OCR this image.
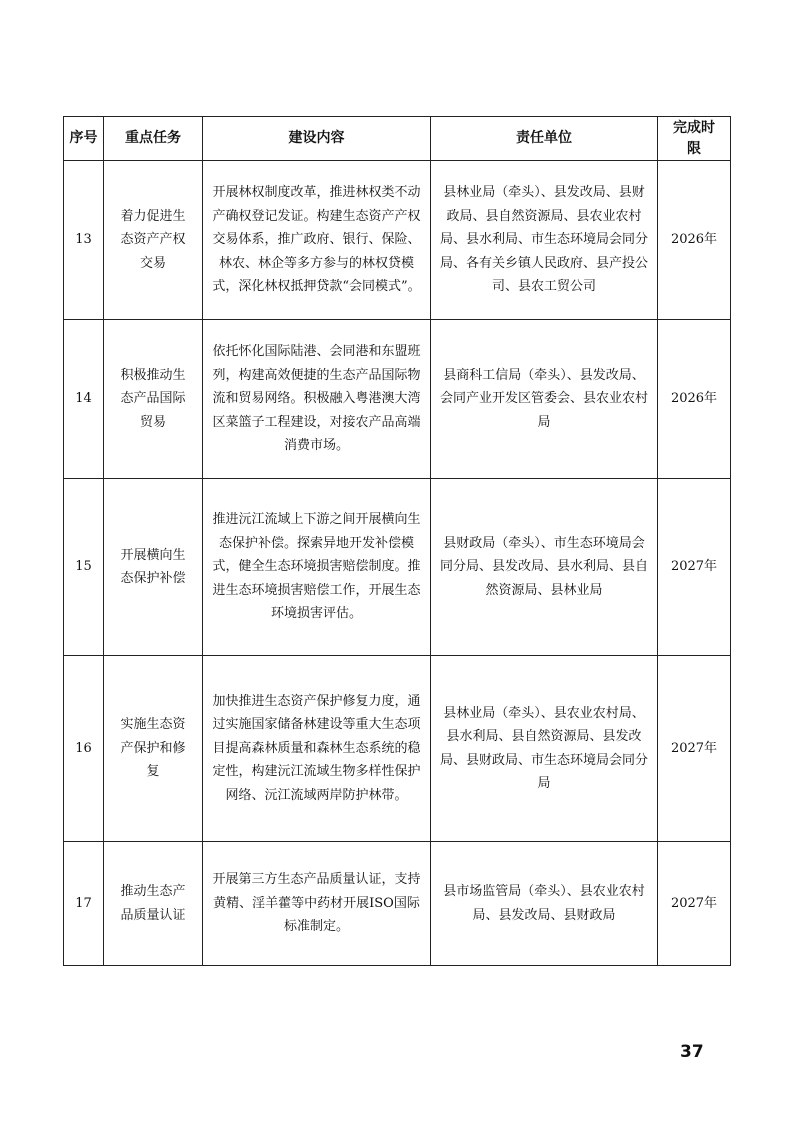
序号	重点任务	建设内容	责任单位	完成时限

13	着力促进生态资产产权交易	开展林权制度改革，推进林权类不动产确权登记发证。构建生态资产产权交易体系，推广政府、银行、保险、林农、林企等多方参与的林权贷模式，深化林权抵押贷款“会同模式”。	县林业局（牵头）、县发改局、县财政局、县自然资源局、县农业农村局、县水利局、市生态环境局会同分局、各有关乡镇人民政府、县产投公司、县农工贸公司	2026年
14	积极推动生态产品国际贸易	依托怀化国际陆港、会同港和东盟班列，构建高效便捷的生态产品国际物流和贸易网络。积极融入粤港澳大湾区菜篮子工程建设，对接农产品高端消费市场。	县商科工信局（牵头）、县发改局、会同产业开发区管委会、县农业农村局	2026年
15	开展横向生态保护补偿	推进沅江流域上下游之间开展横向生态保护补偿。探索异地开发补偿模式，健全生态环境损害赔偿制度。推进生态环境损害赔偿工作，开展生态环境损害评估。	县财政局（牵头）、市生态环境局会同分局、县发改局、县水利局、县自然资源局、县林业局	2027年
16	实施生态资产保护和修复	加快推进生态资产保护修复力度，通过实施国家储备林建设等重大生态项目提高森林质量和森林生态系统的稳定性，构建沅江流域生物多样性保护网络、沅江流域两岸防护林带。	县林业局（牵头）、县农业农村局、县水利局、县自然资源局、县发改局、县财政局、市生态环境局会同分局	2027年
17	推动生态产品质量认证	开展第三方生态产品质量认证，支持黄精、淫羊藿等中药材开展ISO国际标准制定。	县市场监管局（牵头）、县农业农村局、县发改局、县财政局	2027年
37
